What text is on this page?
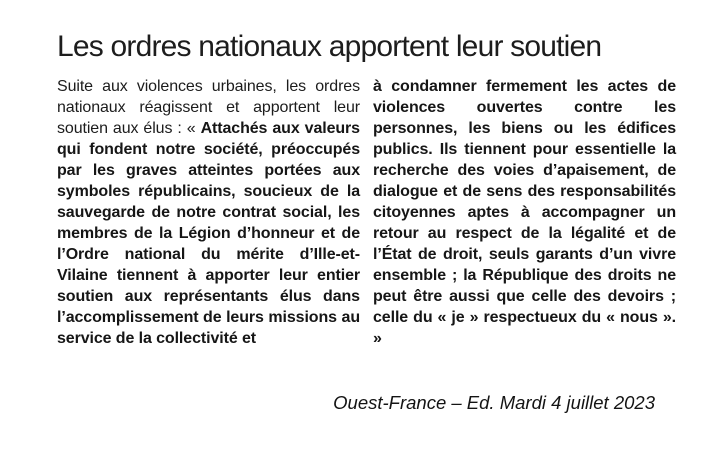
Les ordres nationaux apportent leur soutien
Suite aux violences urbaines, les ordres nationaux réagissent et apportent leur soutien aux élus : « Attachés aux valeurs qui fondent notre société, préoccupés par les graves atteintes portées aux symboles républicains, soucieux de la sauvegarde de notre contrat social, les membres de la Légion d’honneur et de l’Ordre national du mérite d’Ille-et-Vilaine tiennent à apporter leur entier soutien aux représentants élus dans l’accomplissement de leurs missions au service de la collectivité et
à condamner fermement les actes de violences ouvertes contre les personnes, les biens ou les édifices publics. Ils tiennent pour essentielle la recherche des voies d’apaisement, de dialogue et de sens des responsabilités citoyennes aptes à accompagner un retour au respect de la légalité et de l’État de droit, seuls garants d’un vivre ensemble ; la République des droits ne peut être aussi que celle des devoirs ; celle du « je » respectueux du « nous ». »
Ouest-France – Ed. Mardi 4 juillet 2023
